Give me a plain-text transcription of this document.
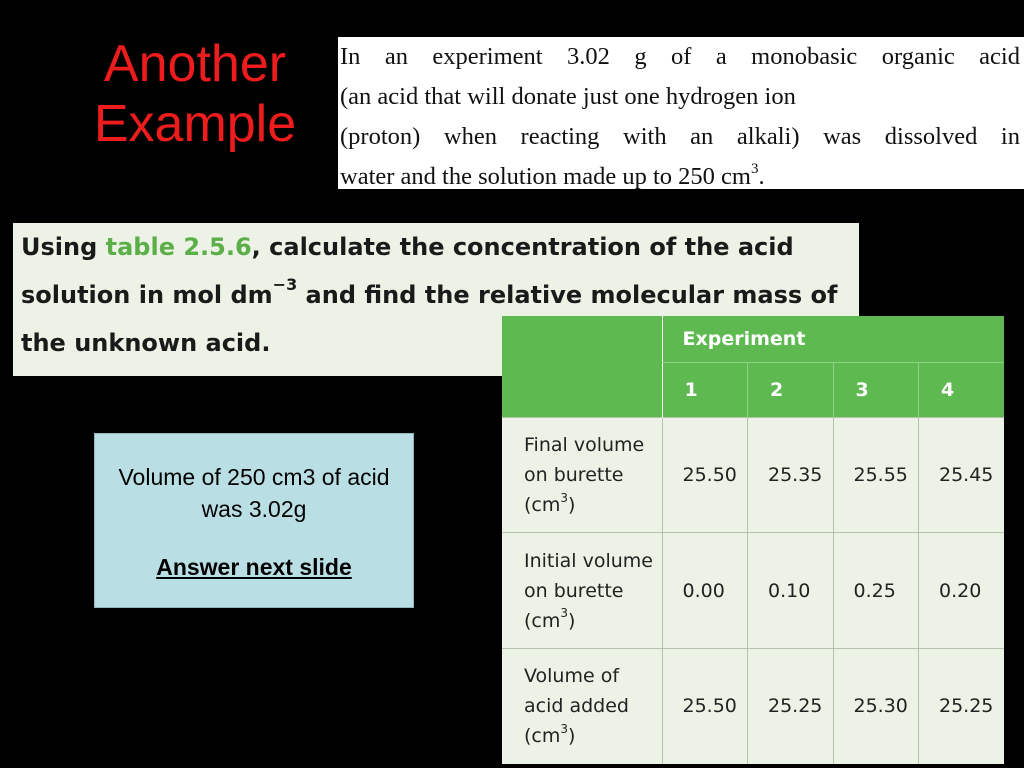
Another
Example
In an experiment 3.02 g of a monobasic organic acid
(an acid that will donate just one hydrogen ion
(proton) when reacting with an alkali) was dissolved in
water and the solution made up to 250 $cm^3$.
Using table 2.5.6, calculate the concentration of the acid
solution in mol $dm^{-3}$ and find the relative molecular mass of
the unknown acid.
Volume of 250 cm3 of acid was 3.02g
Answer next slide
	Experiment			
	1	2	3	4
Final volume
on burette
$(cm^3)$	25.50	25.35	25.55	25.45
Initial volume
on burette
$(cm^3)$	0.00	0.10	0.25	0.20
Volume of
acid added
$(cm^3)$	25.50	25.25	25.30	25.25
